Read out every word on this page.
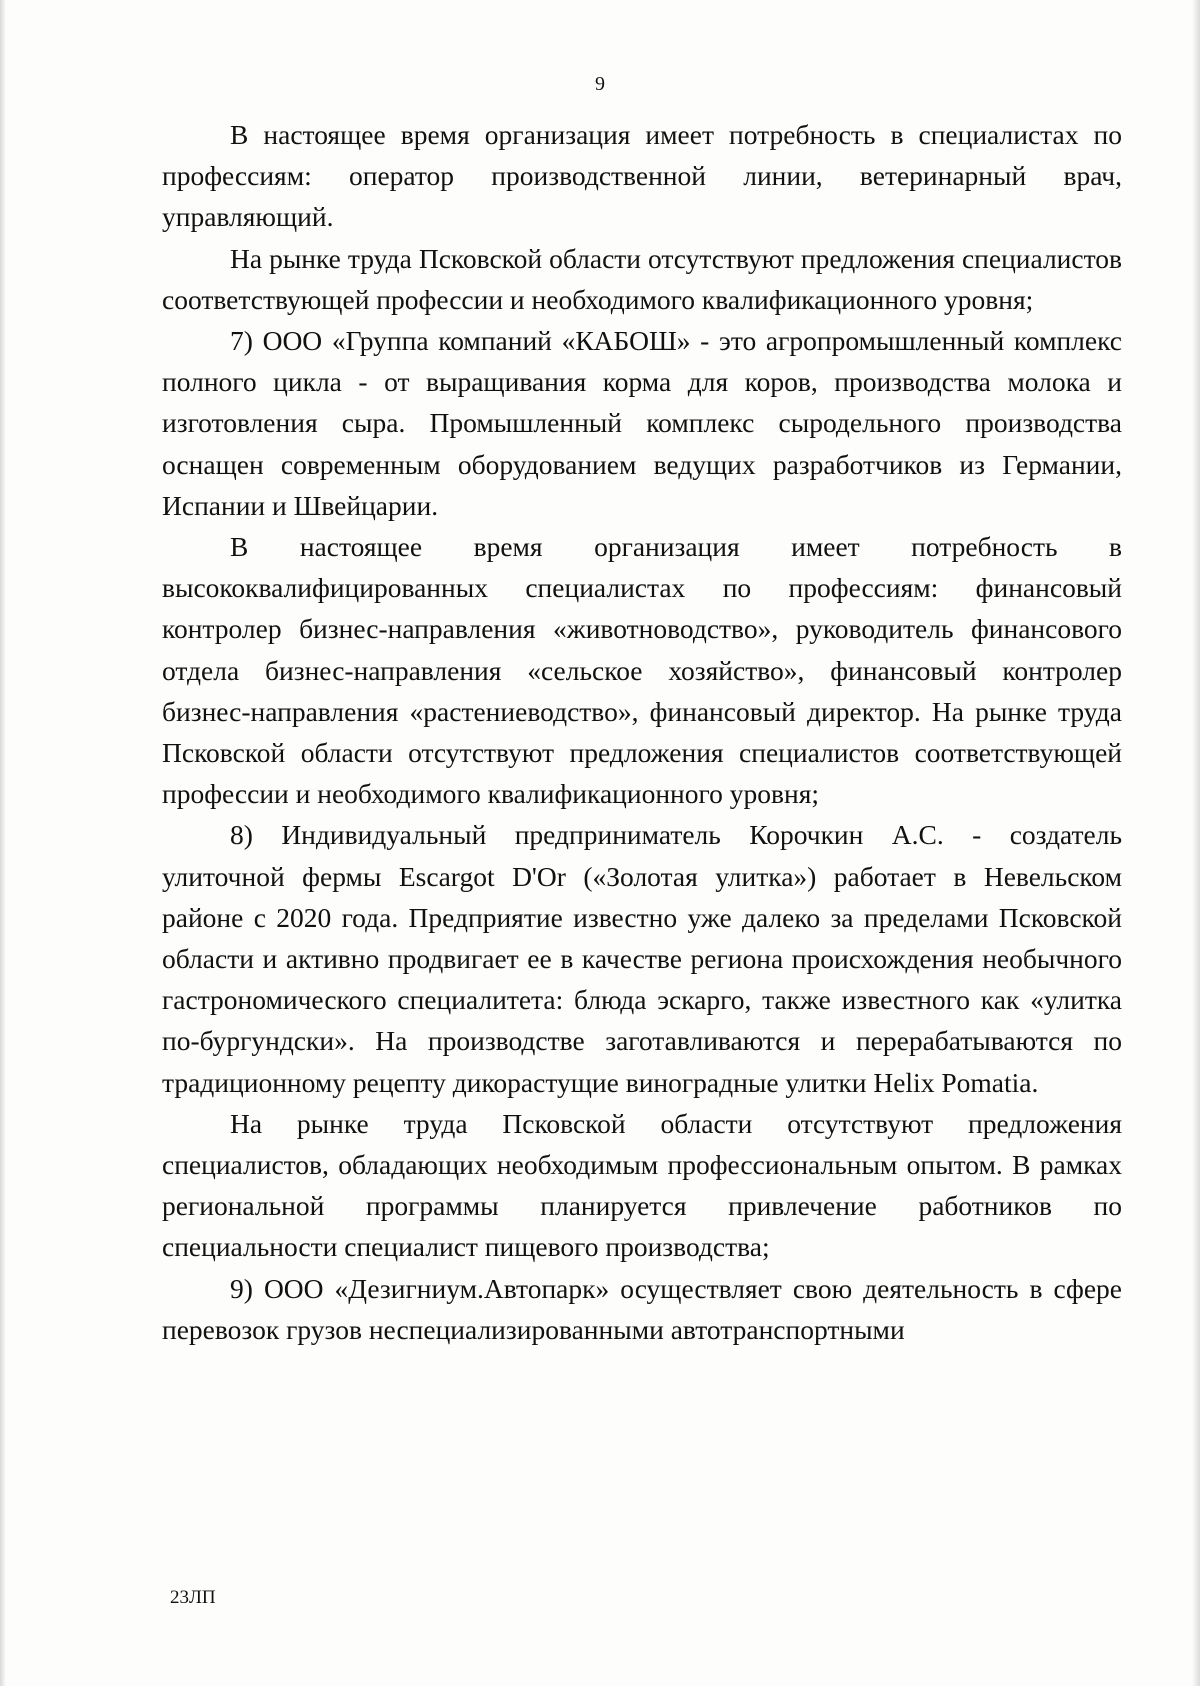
9

В настоящее время организация имеет потребность в специалистах по профессиям: оператор производственной линии, ветеринарный врач, управляющий.

На рынке труда Псковской области отсутствуют предложения специалистов соответствующей профессии и необходимого квалификационного уровня;

7) ООО «Группа компаний «КАБОШ» - это агропромышленный комплекс полного цикла - от выращивания корма для коров, производства молока и изготовления сыра. Промышленный комплекс сыродельного производства оснащен современным оборудованием ведущих разработчиков из Германии, Испании и Швейцарии.

В настоящее время организация имеет потребность в высококвалифицированных специалистах по профессиям: финансовый контролер бизнес-направления «животноводство», руководитель финансового отдела бизнес-направления «сельское хозяйство», финансовый контролер бизнес-направления «растениеводство», финансовый директор. На рынке труда Псковской области отсутствуют предложения специалистов соответствующей профессии и необходимого квалификационного уровня;

8) Индивидуальный предприниматель Корочкин А.С. - создатель улиточной фермы Escargot D'Or («Золотая улитка») работает в Невельском районе с 2020 года. Предприятие известно уже далеко за пределами Псковской области и активно продвигает ее в качестве региона происхождения необычного гастрономического специалитета: блюда эскарго, также известного как «улитка по-бургундски». На производстве заготавливаются и перерабатываются по традиционному рецепту дикорастущие виноградные улитки Helix Pomatia.

На рынке труда Псковской области отсутствуют предложения специалистов, обладающих необходимым профессиональным опытом. В рамках региональной программы планируется привлечение работников по специальности специалист пищевого производства;

9) ООО «Дезигниум.Автопарк» осуществляет свою деятельность в сфере перевозок грузов неспециализированными автотранспортными

23ЛП
